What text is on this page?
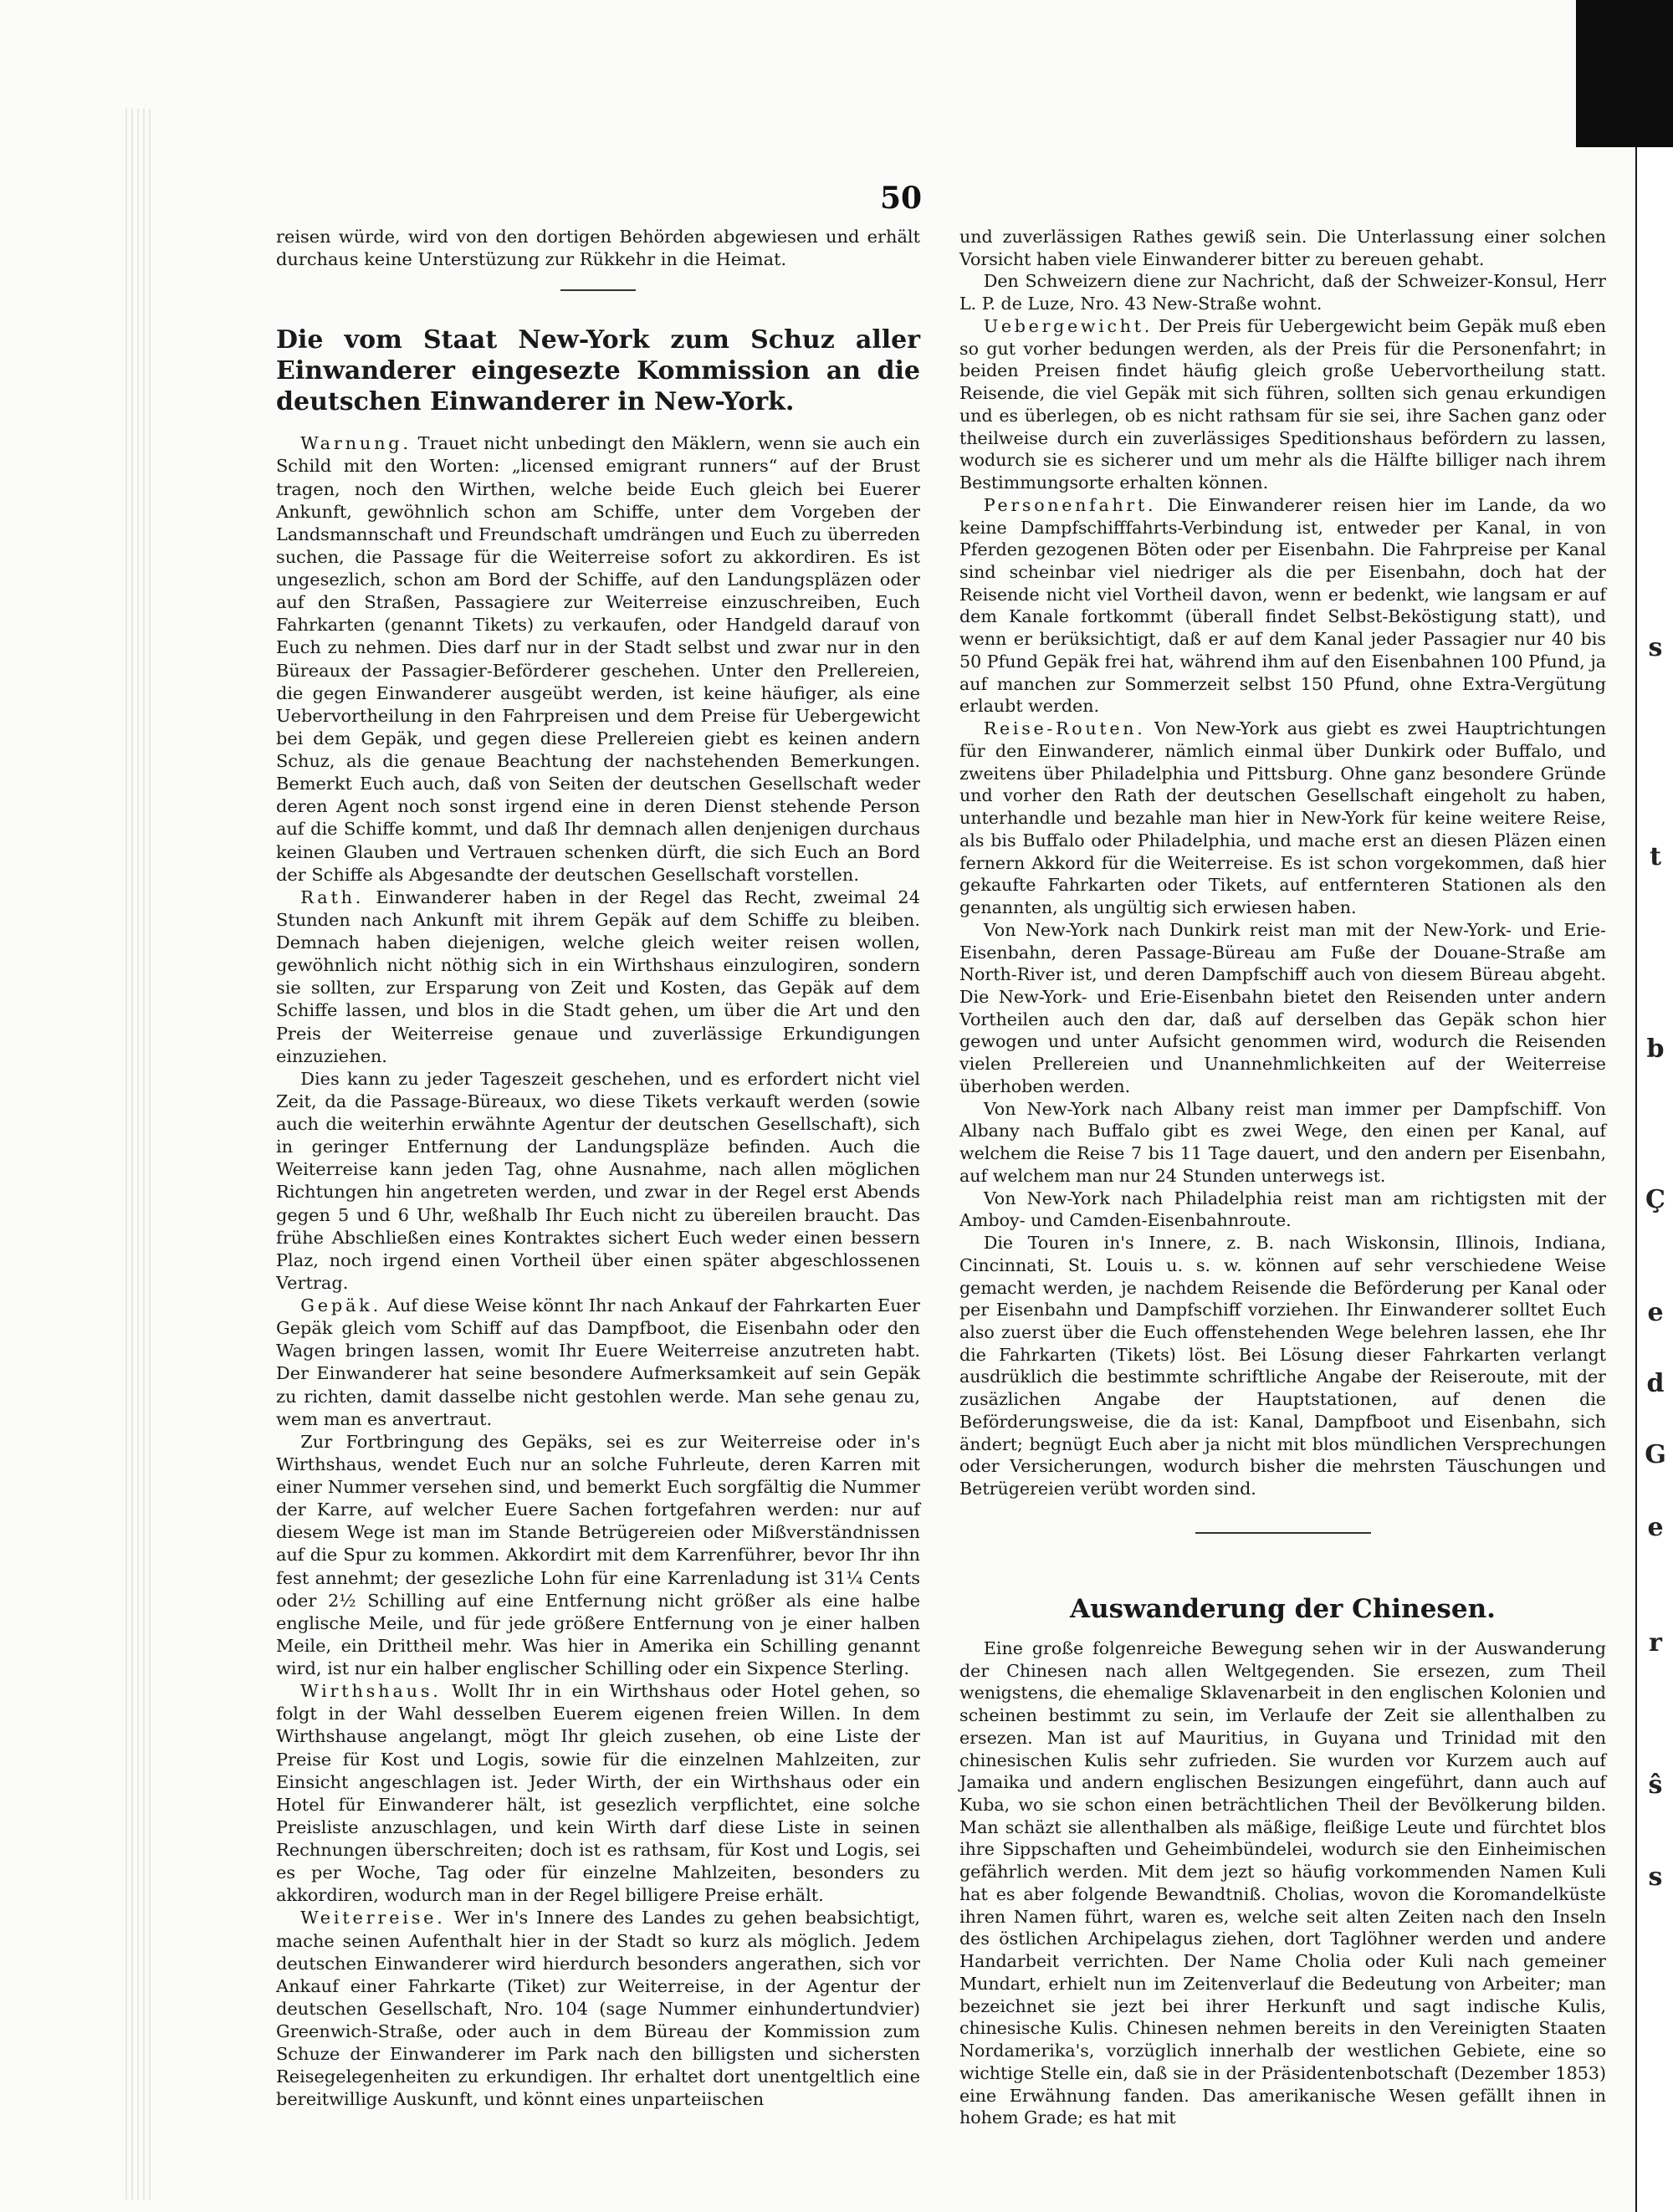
s
t
b
Ç
e
d
G
e
r
ŝ
s
50

reisen würde, wird von den dortigen Behörden abgewiesen und erhält durchaus keine Unterstüzung zur Rükkehr in die Heimat.

Die vom Staat New-York zum Schuz aller Einwanderer eingesezte Kommission an die deutschen Einwanderer in New-York.

Warnung. Trauet nicht unbedingt den Mäklern, wenn sie auch ein Schild mit den Worten: „licensed emigrant runners“ auf der Brust tragen, noch den Wirthen, welche beide Euch gleich bei Euerer Ankunft, gewöhnlich schon am Schiffe, unter dem Vorgeben der Landsmannschaft und Freundschaft umdrängen und Euch zu überreden suchen, die Passage für die Weiterreise sofort zu akkordiren. Es ist ungesezlich, schon am Bord der Schiffe, auf den Landungspläzen oder auf den Straßen, Passagiere zur Weiterreise einzuschreiben, Euch Fahrkarten (genannt Tikets) zu verkaufen, oder Handgeld darauf von Euch zu nehmen. Dies darf nur in der Stadt selbst und zwar nur in den Büreaux der Passagier-Beförderer geschehen. Unter den Prellereien, die gegen Einwanderer ausgeübt werden, ist keine häufiger, als eine Uebervortheilung in den Fahrpreisen und dem Preise für Uebergewicht bei dem Gepäk, und gegen diese Prellereien giebt es keinen andern Schuz, als die genaue Beachtung der nachstehenden Bemerkungen. Bemerkt Euch auch, daß von Seiten der deutschen Gesellschaft weder deren Agent noch sonst irgend eine in deren Dienst stehende Person auf die Schiffe kommt, und daß Ihr demnach allen denjenigen durchaus keinen Glauben und Vertrauen schenken dürft, die sich Euch an Bord der Schiffe als Abgesandte der deutschen Gesellschaft vorstellen.

Rath. Einwanderer haben in der Regel das Recht, zweimal 24 Stunden nach Ankunft mit ihrem Gepäk auf dem Schiffe zu bleiben. Demnach haben diejenigen, welche gleich weiter reisen wollen, gewöhnlich nicht nöthig sich in ein Wirthshaus einzulogiren, sondern sie sollten, zur Ersparung von Zeit und Kosten, das Gepäk auf dem Schiffe lassen, und blos in die Stadt gehen, um über die Art und den Preis der Weiterreise genaue und zuverlässige Erkundigungen einzuziehen.

Dies kann zu jeder Tageszeit geschehen, und es erfordert nicht viel Zeit, da die Passage-Büreaux, wo diese Tikets verkauft werden (sowie auch die weiterhin erwähnte Agentur der deutschen Gesellschaft), sich in geringer Entfernung der Landungspläze befinden. Auch die Weiterreise kann jeden Tag, ohne Ausnahme, nach allen möglichen Richtungen hin angetreten werden, und zwar in der Regel erst Abends gegen 5 und 6 Uhr, weßhalb Ihr Euch nicht zu übereilen braucht. Das frühe Abschließen eines Kontraktes sichert Euch weder einen bessern Plaz, noch irgend einen Vortheil über einen später abgeschlossenen Vertrag.

Gepäk. Auf diese Weise könnt Ihr nach Ankauf der Fahrkarten Euer Gepäk gleich vom Schiff auf das Dampfboot, die Eisenbahn oder den Wagen bringen lassen, womit Ihr Euere Weiterreise anzutreten habt. Der Einwanderer hat seine besondere Aufmerksamkeit auf sein Gepäk zu richten, damit dasselbe nicht gestohlen werde. Man sehe genau zu, wem man es anvertraut.

Zur Fortbringung des Gepäks, sei es zur Weiterreise oder in's Wirthshaus, wendet Euch nur an solche Fuhrleute, deren Karren mit einer Nummer versehen sind, und bemerkt Euch sorgfältig die Nummer der Karre, auf welcher Euere Sachen fortgefahren werden: nur auf diesem Wege ist man im Stande Betrügereien oder Mißverständnissen auf die Spur zu kommen. Akkordirt mit dem Karrenführer, bevor Ihr ihn fest annehmt; der gesezliche Lohn für eine Karrenladung ist 31¼ Cents oder 2½ Schilling auf eine Entfernung nicht größer als eine halbe englische Meile, und für jede größere Entfernung von je einer halben Meile, ein Drittheil mehr. Was hier in Amerika ein Schilling genannt wird, ist nur ein halber englischer Schilling oder ein Sixpence Sterling.

Wirthshaus. Wollt Ihr in ein Wirthshaus oder Hotel gehen, so folgt in der Wahl desselben Euerem eigenen freien Willen. In dem Wirthshause angelangt, mögt Ihr gleich zusehen, ob eine Liste der Preise für Kost und Logis, sowie für die einzelnen Mahlzeiten, zur Einsicht angeschlagen ist. Jeder Wirth, der ein Wirthshaus oder ein Hotel für Einwanderer hält, ist gesezlich verpflichtet, eine solche Preisliste anzuschlagen, und kein Wirth darf diese Liste in seinen Rechnungen überschreiten; doch ist es rathsam, für Kost und Logis, sei es per Woche, Tag oder für einzelne Mahlzeiten, besonders zu akkordiren, wodurch man in der Regel billigere Preise erhält.

Weiterreise. Wer in's Innere des Landes zu gehen beabsichtigt, mache seinen Aufenthalt hier in der Stadt so kurz als möglich. Jedem deutschen Einwanderer wird hierdurch besonders angerathen, sich vor Ankauf einer Fahrkarte (Tiket) zur Weiterreise, in der Agentur der deutschen Gesellschaft, Nro. 104 (sage Nummer einhundertundvier) Greenwich-Straße, oder auch in dem Büreau der Kommission zum Schuze der Einwanderer im Park nach den billigsten und sichersten Reisegelegenheiten zu erkundigen. Ihr erhaltet dort unentgeltlich eine bereitwillige Auskunft, und könnt eines unparteiischen

und zuverlässigen Rathes gewiß sein. Die Unterlassung einer solchen Vorsicht haben viele Einwanderer bitter zu bereuen gehabt.

Den Schweizern diene zur Nachricht, daß der Schweizer-Konsul, Herr L. P. de Luze, Nro. 43 New-Straße wohnt.

Uebergewicht. Der Preis für Uebergewicht beim Gepäk muß eben so gut vorher bedungen werden, als der Preis für die Personenfahrt; in beiden Preisen findet häufig gleich große Uebervortheilung statt. Reisende, die viel Gepäk mit sich führen, sollten sich genau erkundigen und es überlegen, ob es nicht rathsam für sie sei, ihre Sachen ganz oder theilweise durch ein zuverlässiges Speditionshaus befördern zu lassen, wodurch sie es sicherer und um mehr als die Hälfte billiger nach ihrem Bestimmungsorte erhalten können.

Personenfahrt. Die Einwanderer reisen hier im Lande, da wo keine Dampfschifffahrts-Verbindung ist, entweder per Kanal, in von Pferden gezogenen Böten oder per Eisenbahn. Die Fahrpreise per Kanal sind scheinbar viel niedriger als die per Eisenbahn, doch hat der Reisende nicht viel Vortheil davon, wenn er bedenkt, wie langsam er auf dem Kanale fortkommt (überall findet Selbst-Beköstigung statt), und wenn er berüksichtigt, daß er auf dem Kanal jeder Passagier nur 40 bis 50 Pfund Gepäk frei hat, während ihm auf den Eisenbahnen 100 Pfund, ja auf manchen zur Sommerzeit selbst 150 Pfund, ohne Extra-Vergütung erlaubt werden.

Reise-Routen. Von New-York aus giebt es zwei Hauptrichtungen für den Einwanderer, nämlich einmal über Dunkirk oder Buffalo, und zweitens über Philadelphia und Pittsburg. Ohne ganz besondere Gründe und vorher den Rath der deutschen Gesellschaft eingeholt zu haben, unterhandle und bezahle man hier in New-York für keine weitere Reise, als bis Buffalo oder Philadelphia, und mache erst an diesen Pläzen einen fernern Akkord für die Weiterreise. Es ist schon vorgekommen, daß hier gekaufte Fahrkarten oder Tikets, auf entfernteren Stationen als den genannten, als ungültig sich erwiesen haben.

Von New-York nach Dunkirk reist man mit der New-York- und Erie-Eisenbahn, deren Passage-Büreau am Fuße der Douane-Straße am North-River ist, und deren Dampfschiff auch von diesem Büreau abgeht. Die New-York- und Erie-Eisenbahn bietet den Reisenden unter andern Vortheilen auch den dar, daß auf derselben das Gepäk schon hier gewogen und unter Aufsicht genommen wird, wodurch die Reisenden vielen Prellereien und Unannehmlichkeiten auf der Weiterreise überhoben werden.

Von New-York nach Albany reist man immer per Dampfschiff. Von Albany nach Buffalo gibt es zwei Wege, den einen per Kanal, auf welchem die Reise 7 bis 11 Tage dauert, und den andern per Eisenbahn, auf welchem man nur 24 Stunden unterwegs ist.

Von New-York nach Philadelphia reist man am richtigsten mit der Amboy- und Camden-Eisenbahnroute.

Die Touren in's Innere, z. B. nach Wiskonsin, Illinois, Indiana, Cincinnati, St. Louis u. s. w. können auf sehr verschiedene Weise gemacht werden, je nachdem Reisende die Beförderung per Kanal oder per Eisenbahn und Dampfschiff vorziehen. Ihr Einwanderer solltet Euch also zuerst über die Euch offenstehenden Wege belehren lassen, ehe Ihr die Fahrkarten (Tikets) löst. Bei Lösung dieser Fahrkarten verlangt ausdrüklich die bestimmte schriftliche Angabe der Reiseroute, mit der zusäzlichen Angabe der Hauptstationen, auf denen die Beförderungsweise, die da ist: Kanal, Dampfboot und Eisenbahn, sich ändert; begnügt Euch aber ja nicht mit blos mündlichen Versprechungen oder Versicherungen, wodurch bisher die mehrsten Täuschungen und Betrügereien verübt worden sind.

Auswanderung der Chinesen.

Eine große folgenreiche Bewegung sehen wir in der Auswanderung der Chinesen nach allen Weltgegenden. Sie ersezen, zum Theil wenigstens, die ehemalige Sklavenarbeit in den englischen Kolonien und scheinen bestimmt zu sein, im Verlaufe der Zeit sie allenthalben zu ersezen. Man ist auf Mauritius, in Guyana und Trinidad mit den chinesischen Kulis sehr zufrieden. Sie wurden vor Kurzem auch auf Jamaika und andern englischen Besizungen eingeführt, dann auch auf Kuba, wo sie schon einen beträchtlichen Theil der Bevölkerung bilden. Man schäzt sie allenthalben als mäßige, fleißige Leute und fürchtet blos ihre Sippschaften und Geheimbündelei, wodurch sie den Einheimischen gefährlich werden. Mit dem jezt so häufig vorkommenden Namen Kuli hat es aber folgende Bewandtniß. Cholias, wovon die Koromandelküste ihren Namen führt, waren es, welche seit alten Zeiten nach den Inseln des östlichen Archipelagus ziehen, dort Taglöhner werden und andere Handarbeit verrichten. Der Name Cholia oder Kuli nach gemeiner Mundart, erhielt nun im Zeitenverlauf die Bedeutung von Arbeiter; man bezeichnet sie jezt bei ihrer Herkunft und sagt indische Kulis, chinesische Kulis. Chinesen nehmen bereits in den Vereinigten Staaten Nordamerika's, vorzüglich innerhalb der westlichen Gebiete, eine so wichtige Stelle ein, daß sie in der Präsidentenbotschaft (Dezember 1853) eine Erwähnung fanden. Das amerikanische Wesen gefällt ihnen in hohem Grade; es hat mit
